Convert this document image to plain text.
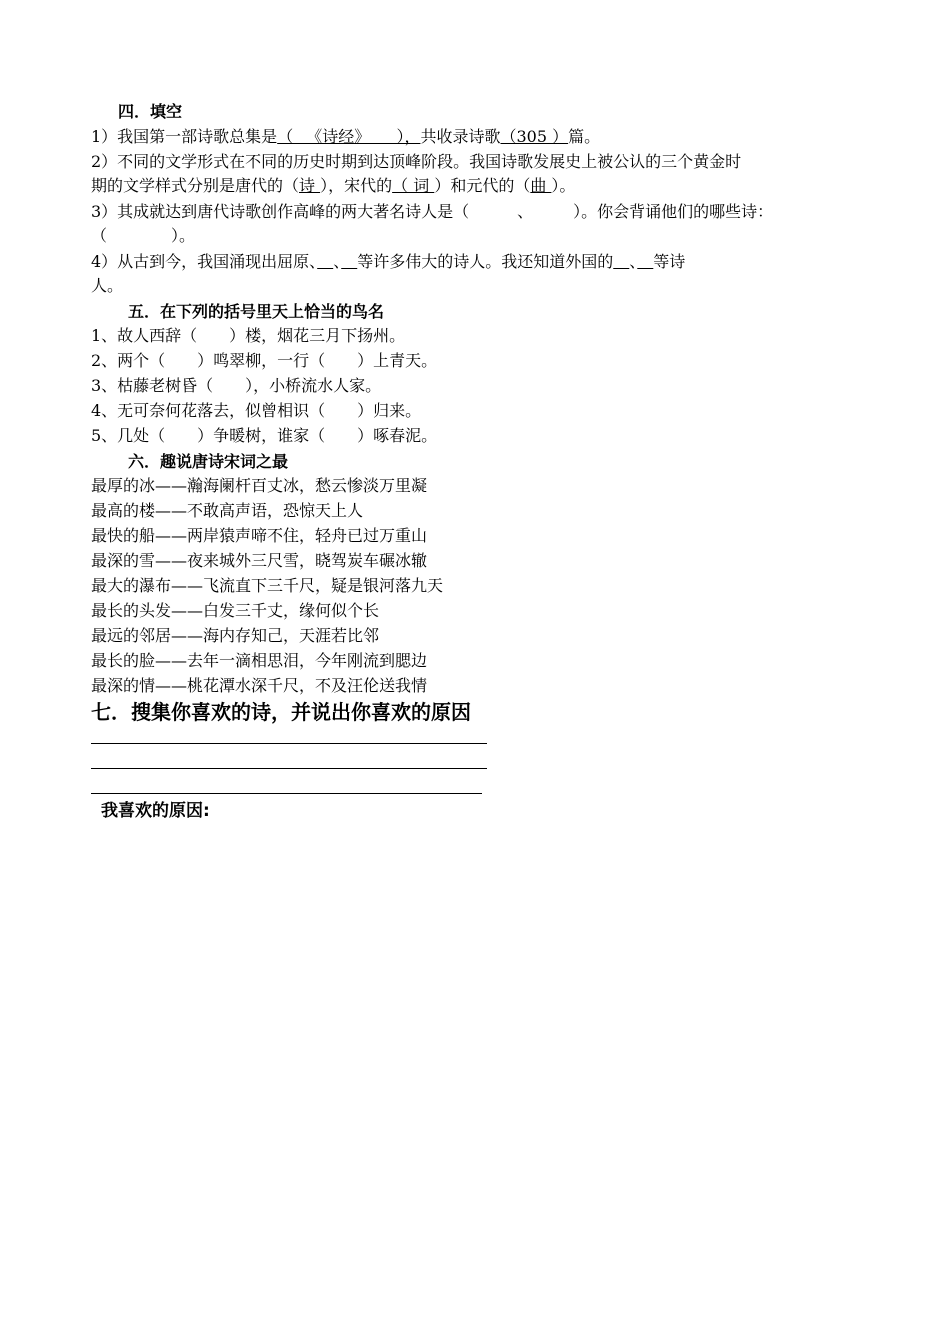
四．填空
1）我国第一部诗歌总集是（ 　《诗经》 　 ），共收录诗歌（305 ）篇。
2）不同的文学形式在不同的历史时期到达顶峰阶段。我国诗歌发展史上被公认的三个黄金时
期的文学样式分别是唐代的（诗 ），宋代的（ 词 ）和元代的（曲 ）。
3）其成就达到唐代诗歌创作高峰的两大著名诗人是（　　　、　　　）。你会背诵他们的哪些诗：
（　　　　）。
4）从古到今，我国涌现出屈原、　 、　 等许多伟大的诗人。我还知道外国的　 、　 等诗
人。
五．在下列的括号里天上恰当的鸟名
1、故人西辞（　　）楼，烟花三月下扬州。
2、两个（　　）鸣翠柳，一行（　　）上青天。
3、枯藤老树昏（　　），小桥流水人家。
4、无可奈何花落去，似曾相识（　　）归来。
5、几处（　　）争暖树，谁家（　　）啄春泥。
六．趣说唐诗宋词之最
最厚的冰——瀚海阑杆百丈冰，愁云惨淡万里凝
最高的楼——不敢高声语，恐惊天上人
最快的船——两岸猿声啼不住，轻舟已过万重山
最深的雪——夜来城外三尺雪，晓驾炭车碾冰辙
最大的瀑布——飞流直下三千尺，疑是银河落九天
最长的头发——白发三千丈，缘何似个长
最远的邻居——海内存知己，天涯若比邻
最长的脸——去年一滴相思泪，今年刚流到腮边
最深的情——桃花潭水深千尺，不及汪伦送我情
七．搜集你喜欢的诗，并说出你喜欢的原因
我喜欢的原因:
